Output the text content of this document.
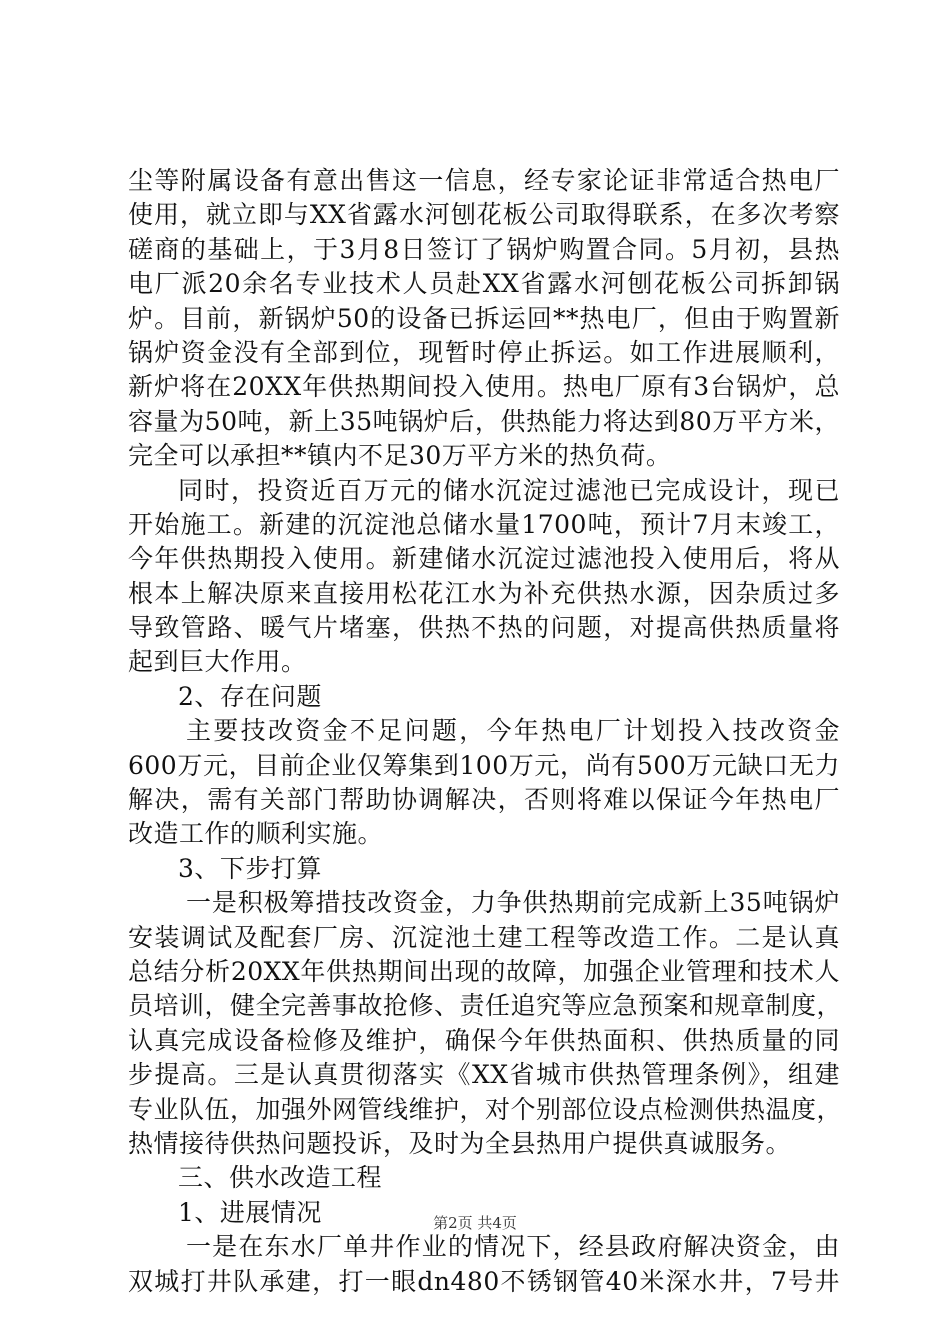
尘等附属设备有意出售这一信息，经专家论证非常适合热电厂
使用，就立即与XX省露水河刨花板公司取得联系，在多次考察
磋商的基础上，于3月8日签订了锅炉购置合同。5月初，县热
电厂派20余名专业技术人员赴XX省露水河刨花板公司拆卸锅
炉。目前，新锅炉50的设备已拆运回**热电厂，但由于购置新
锅炉资金没有全部到位，现暂时停止拆运。如工作进展顺利，
新炉将在20XX年供热期间投入使用。热电厂原有3台锅炉，总
容量为50吨，新上35吨锅炉后，供热能力将达到80万平方米，
完全可以承担**镇内不足30万平方米的热负荷。
同时，投资近百万元的储水沉淀过滤池已完成设计，现已
开始施工。新建的沉淀池总储水量1700吨，预计7月末竣工，
今年供热期投入使用。新建储水沉淀过滤池投入使用后，将从
根本上解决原来直接用松花江水为补充供热水源，因杂质过多
导致管路、暖气片堵塞，供热不热的问题，对提高供热质量将
起到巨大作用。
2、存在问题
主要技改资金不足问题，今年热电厂计划投入技改资金
600万元，目前企业仅筹集到100万元，尚有500万元缺口无力
解决，需有关部门帮助协调解决，否则将难以保证今年热电厂
改造工作的顺利实施。
3、下步打算
一是积极筹措技改资金，力争供热期前完成新上35吨锅炉
安装调试及配套厂房、沉淀池土建工程等改造工作。二是认真
总结分析20XX年供热期间出现的故障，加强企业管理和技术人
员培训，健全完善事故抢修、责任追究等应急预案和规章制度，
认真完成设备检修及维护，确保今年供热面积、供热质量的同
步提高。三是认真贯彻落实《XX省城市供热管理条例》，组建
专业队伍，加强外网管线维护，对个别部位设点检测供热温度，
热情接待供热问题投诉，及时为全县热用户提供真诚服务。
三、供水改造工程
1、进展情况
一是在东水厂单井作业的情况下，经县政府解决资金，由
双城打井队承建，打一眼dn480不锈钢管40米深水井，7号井
第2页 共4页
